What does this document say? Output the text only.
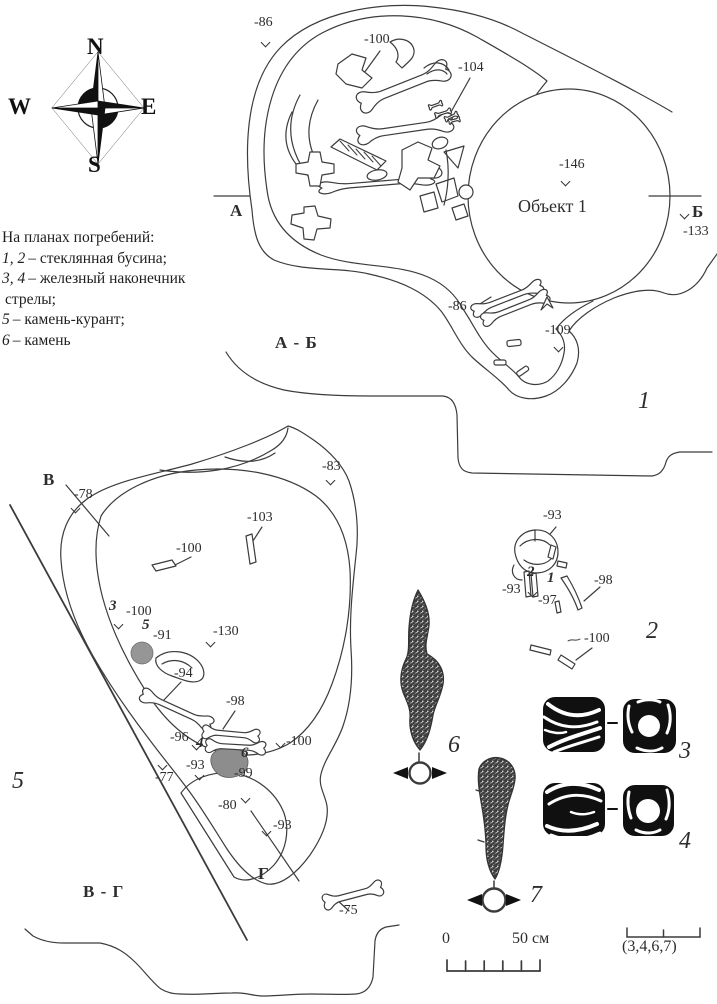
На планах погребений:
1, 2 – стеклянная бусина;
3, 4 – железный наконечник
стрелы;
5 – камень-курант;
6 – камень
-86
-100
-104
-146
Объект 1
А	Б
-133
-86
-109
А - Б
1
В
-78
-83
-103
-100
3 -100
5
-91	-130
-94
-98
-96 4	-100
-93
-77
6
-99
-80
-93
Г
В - Г
5
-75
2
-93
2 1
-93
-97
-98
-100
6
7
3
4
0	50 см	(3,4,6,7)
N
W	E
S
